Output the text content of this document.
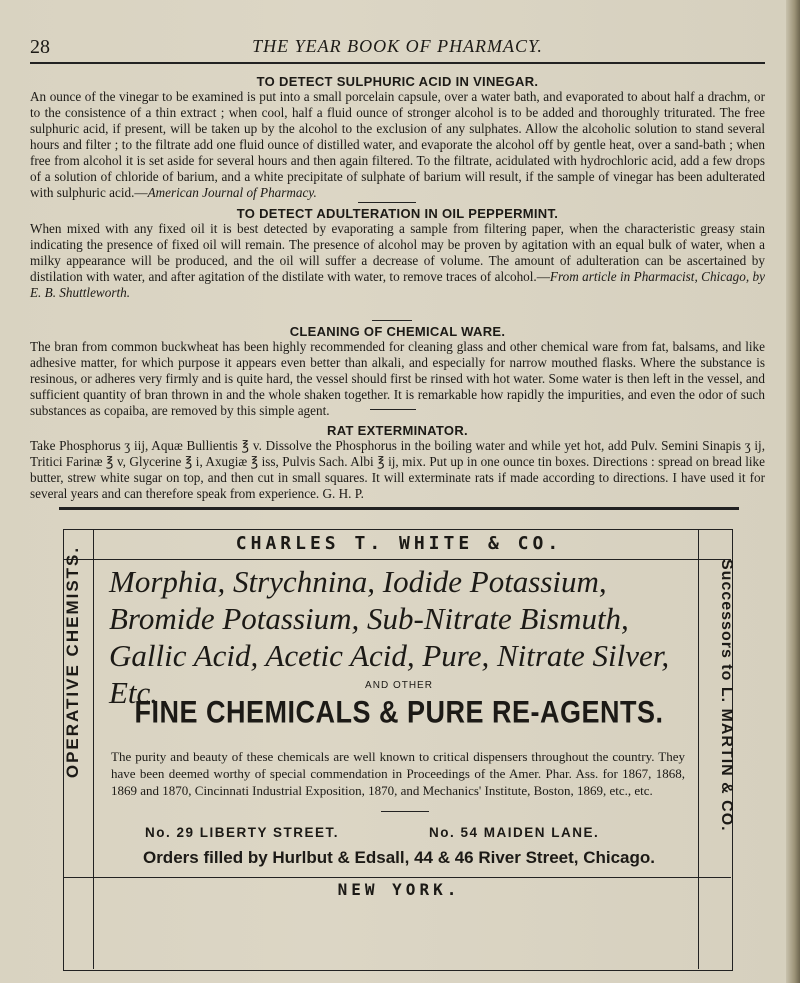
28	THE YEAR BOOK OF PHARMACY.
TO DETECT SULPHURIC ACID IN VINEGAR.

An ounce of the vinegar to be examined is put into a small porcelain capsule, over a water bath, and evaporated to about half a drachm, or to the consistence of a thin extract ; when cool, half a fluid ounce of stronger alcohol is to be added and thoroughly triturated. The free sulphuric acid, if present, will be taken up by the alcohol to the exclusion of any sulphates. Allow the alcoholic solution to stand several hours and filter ; to the filtrate add one fluid ounce of distilled water, and evaporate the alcohol off by gentle heat, over a sand-bath ; when free from alcohol it is set aside for several hours and then again filtered. To the filtrate, acidulated with hydrochloric acid, add a few drops of a solution of chloride of barium, and a white precipitate of sulphate of barium will result, if the sample of vinegar has been adulterated with sulphuric acid.—American Journal of Pharmacy.

TO DETECT ADULTERATION IN OIL PEPPERMINT.

When mixed with any fixed oil it is best detected by evaporating a sample from filtering paper, when the characteristic greasy stain indicating the presence of fixed oil will remain. The presence of alcohol may be proven by agitation with an equal bulk of water, when a milky appearance will be produced, and the oil will suffer a decrease of volume. The amount of adulteration can be ascertained by distilation with water, and after agitation of the distilate with water, to remove traces of alcohol.—From article in Pharmacist, Chicago, by E. B. Shuttleworth.

CLEANING OF CHEMICAL WARE.

The bran from common buckwheat has been highly recommended for cleaning glass and other chemical ware from fat, balsams, and like adhesive matter, for which purpose it appears even better than alkali, and especially for narrow mouthed flasks. Where the substance is resinous, or adheres very firmly and is quite hard, the vessel should first be rinsed with hot water. Some water is then left in the vessel, and sufficient quantity of bran thrown in and the whole shaken together. It is remarkable how rapidly the impurities, and even the odor of such substances as copaiba, are removed by this simple agent.

RAT EXTERMINATOR.

Take Phosphorus ʒ iij, Aquæ Bullientis ℥ v. Dissolve the Phosphorus in the boiling water and while yet hot, add Pulv. Semini Sinapis ʒ ij, Tritici Farinæ ℥ v, Glycerine ℥ i, Axugiæ ℥ iss, Pulvis Sach. Albi ℥ ij, mix. Put up in one ounce tin boxes. Directions : spread on bread like butter, strew white sugar on top, and then cut in small squares. It will exterminate rats if made according to directions. I have used it for several years and can therefore speak from experience. G. H. P.

CHARLES T. WHITE & CO.
OPERATIVE CHEMISTS.	Successors to L. MARTIN & CO.
Morphia, Strychnina, Iodide Potassium, Bromide Potassium, Sub-Nitrate Bismuth, Gallic Acid, Acetic Acid, Pure, Nitrate Silver, Etc.	AND OTHER
FINE CHEMICALS & PURE RE-AGENTS.

The purity and beauty of these chemicals are well known to critical dispensers throughout the country. They have been deemed worthy of special commendation in Proceedings of the Amer. Phar. Ass. for 1867, 1868, 1869 and 1870, Cincinnati Industrial Exposition, 1870, and Mechanics' Institute, Boston, 1869, etc., etc.

No. 29 LIBERTY STREET.	No. 54 MAIDEN LANE.
Orders filled by Hurlbut & Edsall, 44 & 46 River Street, Chicago.
NEW YORK.
